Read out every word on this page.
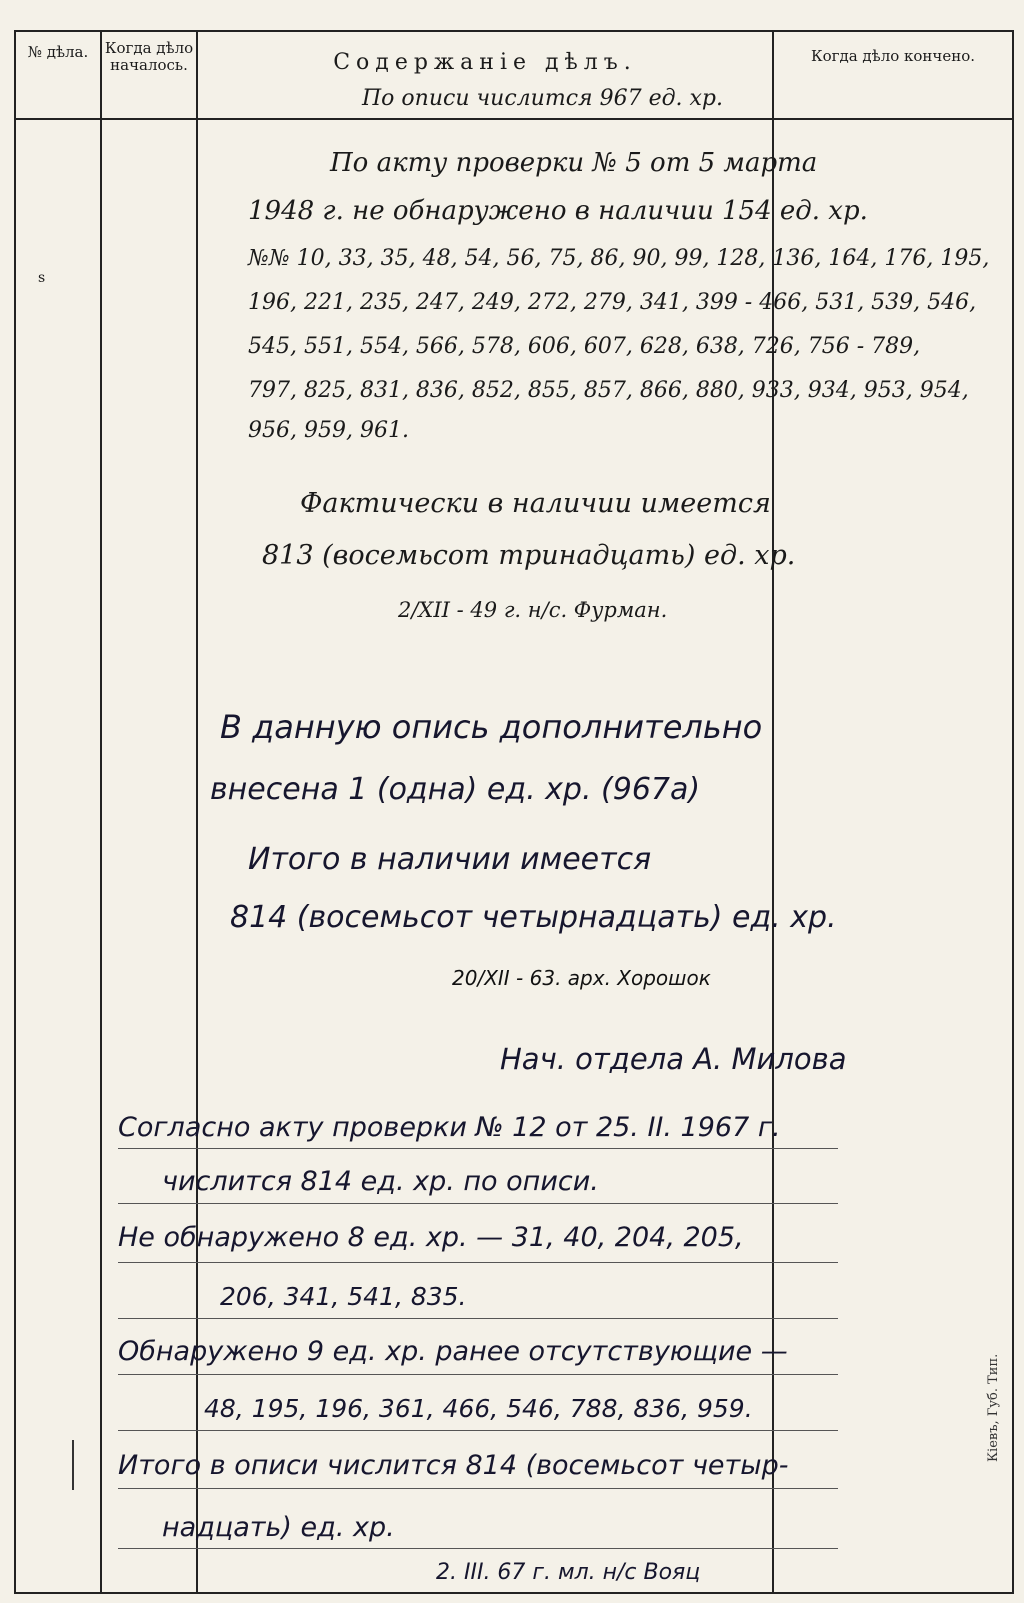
№ дѣла.	Когда дѣло началось.	Содержаніе дѣлъ.	Когда дѣло кончено.
По описи числится 967 ед. хр.
По акту проверки № 5 от 5 марта
1948 г. не обнаружено в наличии 154 ед. хр.
№№ 10, 33, 35, 48, 54, 56, 75, 86, 90, 99, 128, 136, 164, 176, 195,
196, 221, 235, 247, 249, 272, 279, 341, 399 - 466, 531, 539, 546,
545, 551, 554, 566, 578, 606, 607, 628, 638, 726, 756 - 789,
797, 825, 831, 836, 852, 855, 857, 866, 880, 933, 934, 953, 954,
956, 959, 961.
Фактически в наличии имеется
813 (восемьсот тринадцать) ед. хр.
2/XII - 49 г. н/с. Фурман.
В данную опись дополнительно
внесена 1 (одна) ед. хр. (967а)
Итого в наличии имеется
814 (восемьсот четырнадцать) ед. хр.
20/XII - 63. арх. Хорошок
Нач. отдела А. Милова
Согласно акту проверки № 12 от 25. II. 1967 г.
числится 814 ед. хр. по описи.
Не обнаружено 8 ед. хр. — 31, 40, 204, 205,
206, 341, 541, 835.
Обнаружено 9 ед. хр. ранее отсутствующие —
48, 195, 196, 361, 466, 546, 788, 836, 959.
Итого в описи числится 814 (восемьсот четыр-
надцать) ед. хр.
2. III. 67 г. мл. н/с Вояц
s
Кіевъ, Губ. Тип.
